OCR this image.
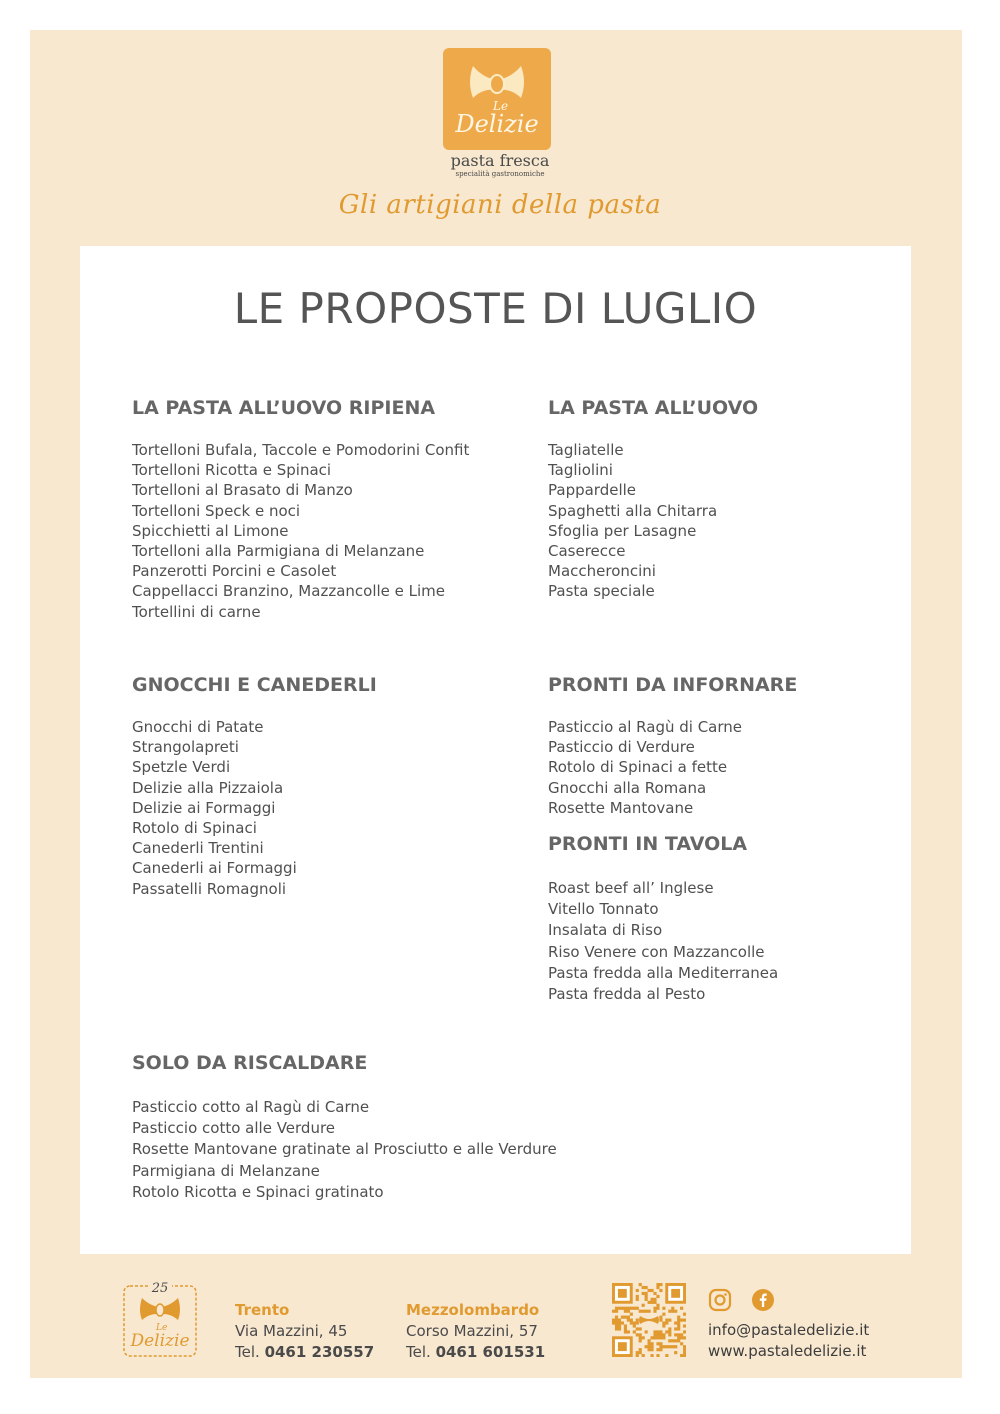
Le
Delizie
pasta fresca
specialità gastronomiche
Gli artigiani della pasta
LE PROPOSTE DI LUGLIO
LA PASTA ALL’UOVO RIPIENA
Tortelloni Bufala, Taccole e Pomodorini Confit
Tortelloni Ricotta e Spinaci
Tortelloni al Brasato di Manzo
Tortelloni Speck e noci
Spicchietti al Limone
Tortelloni alla Parmigiana di Melanzane
Panzerotti Porcini e Casolet
Cappellacci Branzino, Mazzancolle e Lime
Tortellini di carne
LA PASTA ALL’UOVO
Tagliatelle
Tagliolini
Pappardelle
Spaghetti alla Chitarra
Sfoglia per Lasagne
Caserecce
Maccheroncini
Pasta speciale
GNOCCHI E CANEDERLI
Gnocchi di Patate
Strangolapreti
Spetzle Verdi
Delizie alla Pizzaiola
Delizie ai Formaggi
Rotolo di Spinaci
Canederli Trentini
Canederli ai Formaggi
Passatelli Romagnoli
PRONTI DA INFORNARE
Pasticcio al Ragù di Carne
Pasticcio di Verdure
Rotolo di Spinaci a fette
Gnocchi alla Romana
Rosette Mantovane
PRONTI IN TAVOLA
Roast beef all’ Inglese
Vitello Tonnato
Insalata di Riso
Riso Venere con Mazzancolle
Pasta fredda alla Mediterranea
Pasta fredda al Pesto
SOLO DA RISCALDARE
Pasticcio cotto al Ragù di Carne
Pasticcio cotto alle Verdure
Rosette Mantovane gratinate al Prosciutto e alle Verdure
Parmigiana di Melanzane
Rotolo Ricotta e Spinaci gratinato
25
Le
Delizie
Trento
Via Mazzini, 45
Tel. 0461 230557
Mezzolombardo
Corso Mazzini, 57
Tel. 0461 601531

info@pastaledelizie.it
www.pastaledelizie.it
